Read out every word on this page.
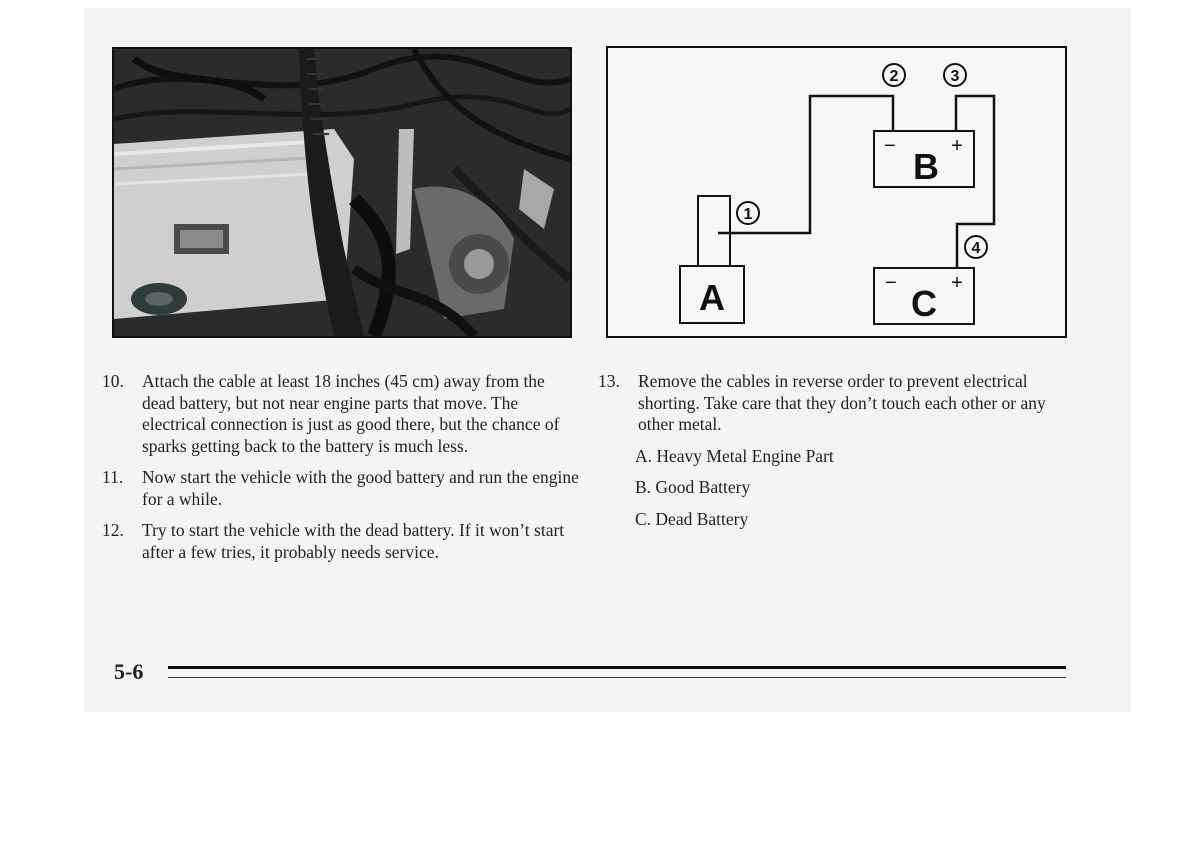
A
−	+
B
−	+
C
1
2	3
4
10.	Attach the cable at least 18 inches (45 cm) away from the dead battery, but not near engine parts that move. The electrical connection is just as good there, but the chance of sparks getting back to the battery is much less.
11.	Now start the vehicle with the good battery and run the engine for a while.
12.	Try to start the vehicle with the dead battery. If it won’t start after a few tries, it probably needs service.
13.	Remove the cables in reverse order to prevent electrical shorting. Take care that they don’t touch each other or any other metal.
A. Heavy Metal Engine Part
B. Good Battery
C. Dead Battery
5-6
